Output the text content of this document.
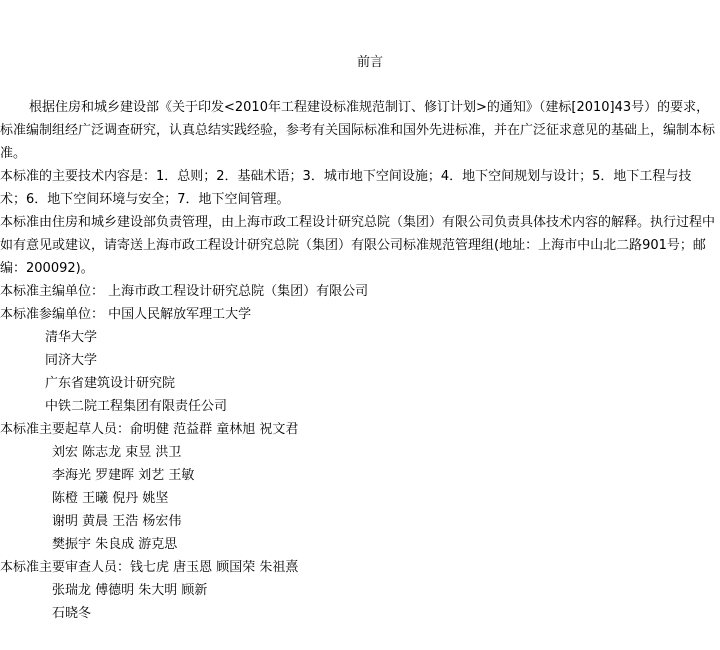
前言
根据住房和城乡建设部《关于印发<2010年工程建设标准规范制订、修订计划>的通知》（建标[2010]43号）的要求，标准编制组经广泛调查研究，认真总结实践经验，参考有关国际标准和国外先进标准，并在广泛征求意见的基础上，编制本标准。
本标准的主要技术内容是：1．总则；2．基础术语；3．城市地下空间设施；4．地下空间规划与设计；5．地下工程与技术；6．地下空间环境与安全；7．地下空间管理。
本标准由住房和城乡建设部负责管理，由上海市政工程设计研究总院（集团）有限公司负责具体技术内容的解释。执行过程中如有意见或建议，请寄送上海市政工程设计研究总院（集团）有限公司标准规范管理组(地址：上海市中山北二路901号；邮编：200092)。
本标准主编单位： 上海市政工程设计研究总院（集团）有限公司
本标准参编单位： 中国人民解放军理工大学
清华大学
同济大学
广东省建筑设计研究院
中铁二院工程集团有限责任公司
本标准主要起草人员：俞明健 范益群 童林旭 祝文君
刘宏 陈志龙 束昱 洪卫
李海光 罗建晖 刘艺 王敏
陈橙 王曦 倪丹 姚坚
谢明 黄晨 王浩 杨宏伟
樊振宇 朱良成 游克思
本标准主要审查人员：钱七虎 唐玉恩 顾国荣 朱祖熹
张瑞龙 傅德明 朱大明 顾新
石晓冬
